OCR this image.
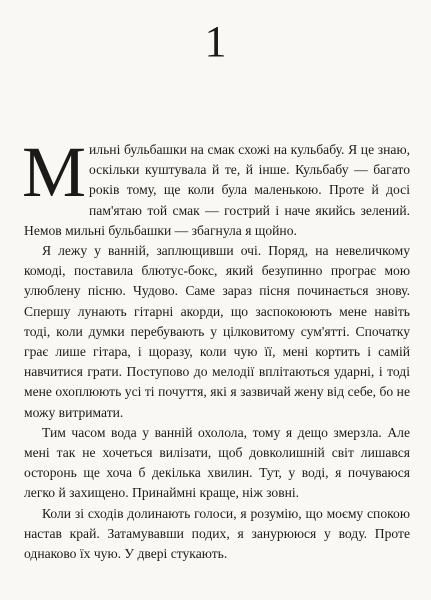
1

Мильні бульбашки на смак схожі на кульбабу. Я це знаю, оскільки куштувала й те, й інше. Кульбабу — багато років тому, ще коли була маленькою. Проте й досі пам'ятаю той смак — гострий і наче якийсь зелений. Немов мильні бульбашки — збагнула я щойно.

Я лежу у ванній, заплющивши очі. Поряд, на невеличкому комоді, поставила блютус-бокс, який безупинно програє мою улюблену пісню. Чудово. Саме зараз пісня починається знову. Спершу лунають гітарні акорди, що заспокоюють мене навіть тоді, коли думки перебувають у цілковитому сум'ятті. Спочатку грає лише гітара, і щоразу, коли чую її, мені кортить і самій навчитися грати. Поступово до мелодії вплітаються ударні, і тоді мене охоплюють усі ті почуття, які я зазвичай жену від себе, бо не можу витримати.

Тим часом вода у ванній охолола, тому я дещо змерзла. Але мені так не хочеться вилізати, щоб довколишній світ лишався осторонь ще хоча б декілька хвилин. Тут, у воді, я почуваюся легко й захищено. Принаймні краще, ніж зовні.

Коли зі сходів долинають голоси, я розумію, що моєму спокою настав край. Затамувавши подих, я занурююся у воду. Проте однаково їх чую. У двері стукають.
